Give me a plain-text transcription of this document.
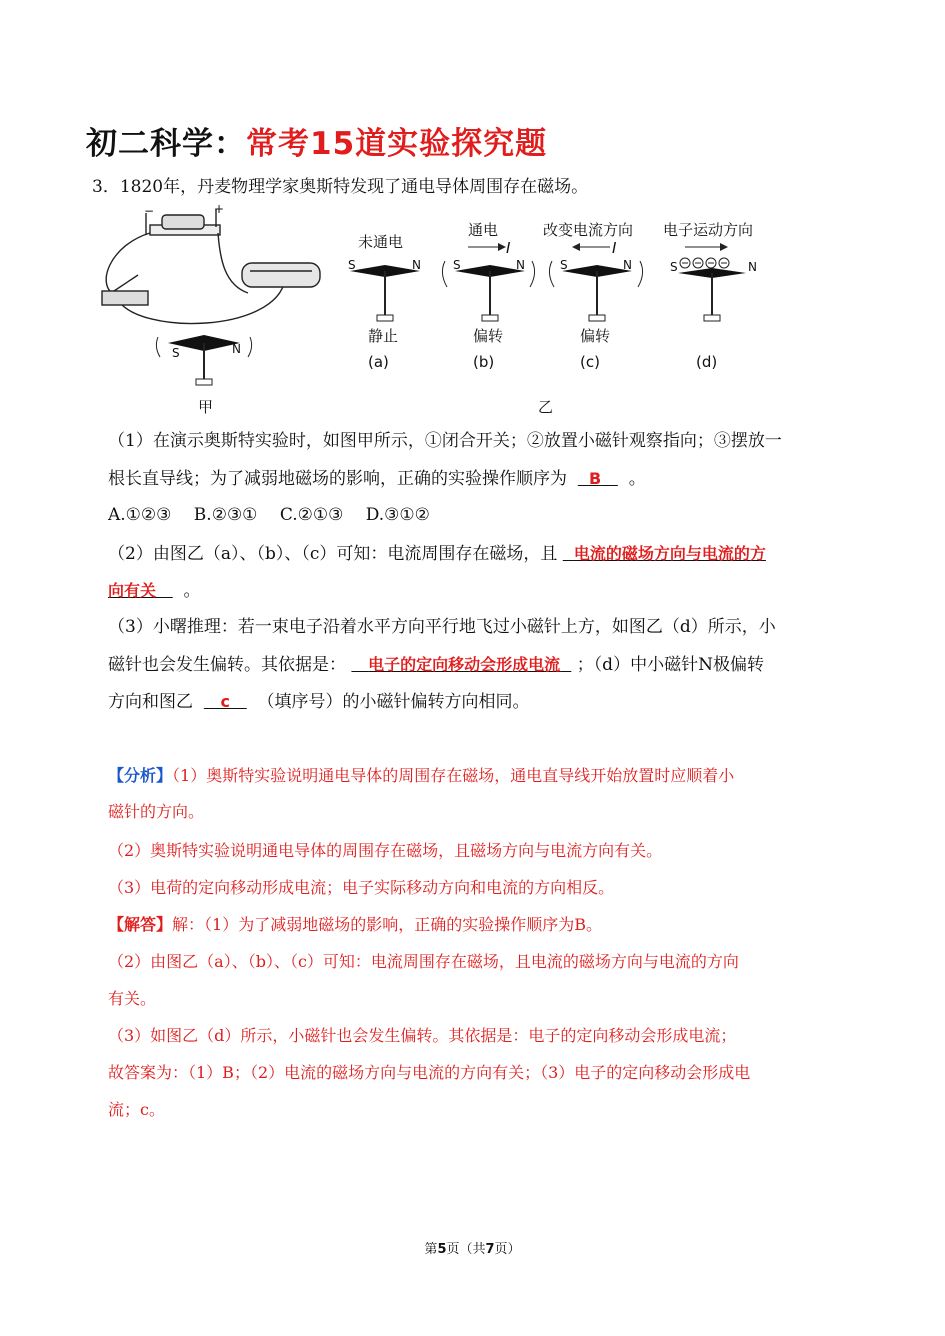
初二科学：常考15道实验探究题
3．1820年，丹麦物理学家奥斯特发现了通电导体周围存在磁场。
−	+
S	N
甲
未通电
S	N
静止
(a)
通电
I
S	N
偏转
(b)
改变电流方向
I
S	N
偏转
(c)
电子运动方向
S	N
(d)
乙
（1）在演示奥斯特实验时，如图甲所示，①闭合开关；②放置小磁针观察指向；③摆放一
根长直导线；为了减弱地磁场的影响，正确的实验操作顺序为 B 。
A.①②③　 B.②③①　 C.②①③　 D.③①②
（2）由图乙（a）、（b）、（c）可知：电流周围存在磁场，且 电流的磁场方向与电流的方
向有关 。
（3）小曙推理：若一束电子沿着水平方向平行地飞过小磁针上方，如图乙（d）所示，小
磁针也会发生偏转。其依据是： 电子的定向移动会形成电流 ；（d）中小磁针N极偏转
方向和图乙 c （填序号）的小磁针偏转方向相同。
【分析】（1）奥斯特实验说明通电导体的周围存在磁场，通电直导线开始放置时应顺着小
磁针的方向。
（2）奥斯特实验说明通电导体的周围存在磁场，且磁场方向与电流方向有关。
（3）电荷的定向移动形成电流；电子实际移动方向和电流的方向相反。
【解答】解：（1）为了减弱地磁场的影响，正确的实验操作顺序为B。
（2）由图乙（a）、（b）、（c）可知：电流周围存在磁场，且电流的磁场方向与电流的方向
有关。
（3）如图乙（d）所示，小磁针也会发生偏转。其依据是：电子的定向移动会形成电流；
故答案为：（1）B；（2）电流的磁场方向与电流的方向有关；（3）电子的定向移动会形成电
流；c。
第5页（共7页）
